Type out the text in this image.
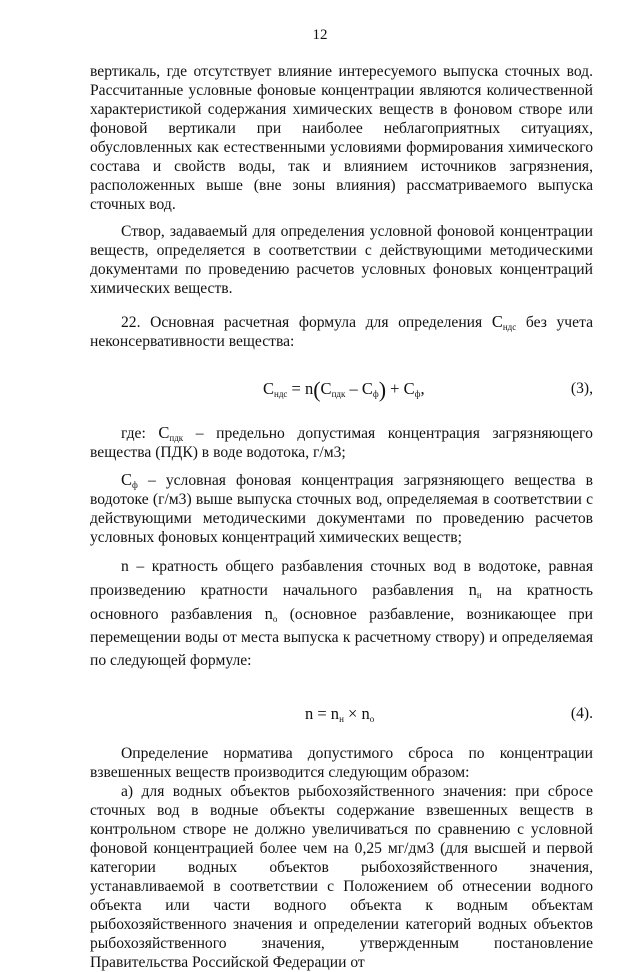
12

вертикаль, где отсутствует влияние интересуемого выпуска сточных вод. Рассчитанные условные фоновые концентрации являются количественной характеристикой содержания химических веществ в фоновом створе или фоновой вертикали при наиболее неблагоприятных ситуациях, обусловленных как естественными условиями формирования химического состава и свойств воды, так и влиянием источников загрязнения, расположенных выше (вне зоны влияния) рассматриваемого выпуска сточных вод.

Створ, задаваемый для определения условной фоновой концентрации веществ, определяется в соответствии с действующими методическими документами по проведению расчетов условных фоновых концентраций химических веществ.

22. Основная расчетная формула для определения $C_{ндс}$ без учета неконсервативности вещества:

$C_{ндс} = n(C_{пдк} - C_ф) + C_ф$,	(3),

где: $C_{пдк}$ – предельно допустимая концентрация загрязняющего вещества (ПДК) в воде водотока, г/м3;

$C_ф$ – условная фоновая концентрация загрязняющего вещества в водотоке (г/м3) выше выпуска сточных вод, определяемая в соответствии с действующими методическими документами по проведению расчетов условных фоновых концентраций химических веществ;

n – кратность общего разбавления сточных вод в водотоке, равная произведению кратности начального разбавления $n_н$ на кратность основного разбавления $n_о$ (основное разбавление, возникающее при перемещении воды от места выпуска к расчетному створу) и определяемая по следующей формуле:

$n = n_н \times n_о$	(4).

Определение норматива допустимого сброса по концентрации взвешенных веществ производится следующим образом:

а) для водных объектов рыбохозяйственного значения: при сбросе сточных вод в водные объекты содержание взвешенных веществ в контрольном створе не должно увеличиваться по сравнению с условной фоновой концентрацией более чем на 0,25 мг/дм3 (для высшей и первой категории водных объектов рыбохозяйственного значения, устанавливаемой в соответствии с Положением об отнесении водного объекта или части водного объекта к водным объектам рыбохозяйственного значения и определении категорий водных объектов рыбохозяйственного значения, утвержденным постановление Правительства Российской Федерации от
